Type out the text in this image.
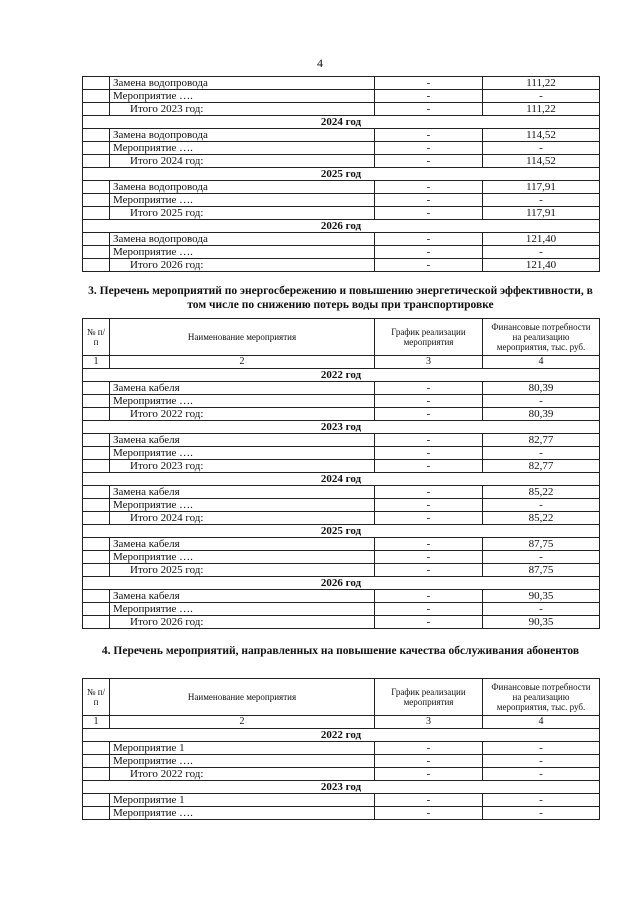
4
	Замена водопровода	-	111,22
	Мероприятие ….	-	-
	Итого 2023 год:	-	111,22
2024 год			
	Замена водопровода	-	114,52
	Мероприятие ….	-	-
	Итого 2024 год:	-	114,52
2025 год			
	Замена водопровода	-	117,91
	Мероприятие ….	-	-
	Итого 2025 год:	-	117,91
2026 год			
	Замена водопровода	-	121,40
	Мероприятие ….	-	-
	Итого 2026 год:	-	121,40
3. Перечень мероприятий по энергосбережению и повышению энергетической эффективности, в том числе по снижению потерь воды при транспортировке
№ п/п	Наименование мероприятия	График реализации мероприятия	Финансовые потребности на реализацию мероприятия, тыс. руб.
1	2	3	4
2022 год			
	Замена кабеля	-	80,39
	Мероприятие ….	-	-
	Итого 2022 год:	-	80,39
2023 год			
	Замена кабеля	-	82,77
	Мероприятие ….	-	-
	Итого 2023 год:	-	82,77
2024 год			
	Замена кабеля	-	85,22
	Мероприятие ….	-	-
	Итого 2024 год:	-	85,22
2025 год			
	Замена кабеля	-	87,75
	Мероприятие ….	-	-
	Итого 2025 год:	-	87,75
2026 год			
	Замена кабеля	-	90,35
	Мероприятие ….	-	-
	Итого 2026 год:	-	90,35
4. Перечень мероприятий, направленных на повышение качества обслуживания абонентов
№ п/п	Наименование мероприятия	График реализации мероприятия	Финансовые потребности на реализацию мероприятия, тыс. руб.
1	2	3	4
2022 год			
	Мероприятие 1	-	-
	Мероприятие ….	-	-
	Итого 2022 год:	-	-
2023 год			
	Мероприятие 1	-	-
	Мероприятие ….	-	-
